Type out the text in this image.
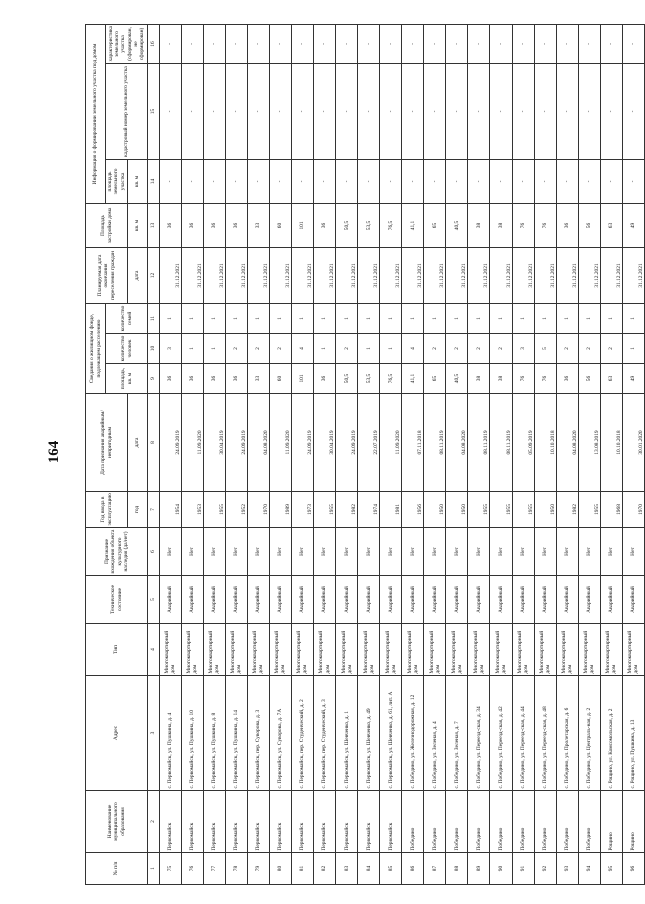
164
№ п/п	Наименование муниципального образования	Адрес	Тип	Техническое состояние	Признание вхождения объекта культурного наследия (да/нет)	Год ввода в эксплуатацию	Дата признания аварийным/непригодным	Сведания о жилищном фонде, подлежащем расселению			Планируемая дата окончания переселения граждан	Площадь застройки дома	Информация о формировании земельного участка под домом		
								площадь, кв. м	количество человек	количество семей			площадь земельного участка	кадастровый номер земельного участка	характеристика земельного участка (сформирован, не сформирован)
						год	дата				дата	кв. м	кв. м		
1	2	3	4	5	6	7	8	9	10	11	12	13	14	15	16
75	Первомайск	с. Первомайск, ул. Пушкина, д. 4	Многоквартирный дом	Аварийный	Нет	1954	24.09.2019	36	3	1	31.12.2021	36	-	-	-
76	Первомайск	с. Первомайск, ул. Пушкина, д. 10	Многоквартирный дом	Аварийный	Нет	1953	11.09.2020	36	1	1	31.12.2021	36	-	-	-
77	Первомайск	с. Первомайск, ул. Пушкина, д. 8	Многоквартирный дом	Аварийный	Нет	1955	30.04.2019	36	1	1	31.12.2021	36	-	-	-
78	Первомайск	с. Первомайск, ул. Пушкина, д. 14	Многоквартирный дом	Аварийный	Нет	1952	24.09.2019	36	2	1	31.12.2021	36	-	-	-
79	Первомайск	с. Первомайск, пер. Суворова, д. 3	Многоквартирный дом	Аварийный	Нет	1970	04.08.2020	33	2	1	31.12.2021	33	-	-	-
80	Первомайск	с. Первомайск, ул. Суворова, д. 7А	Многоквартирный дом	Аварийный	Нет	1989	11.09.2020	60	2	1	31.12.2021	60	-	-	-
81	Первомайск	с. Первомайск, пер. Студенческий, д. 2	Многоквартирный дом	Аварийный	Нет	1973	24.09.2019	101	4	1	31.12.2021	101	-	-	-
82	Первомайск	с. Первомайск, пер. Студенческий, д. 3	Многоквартирный дом	Аварийный	Нет	1955	30.04.2019	36	1	1	31.12.2021	36	-	-	-
83	Первомайск	с. Первомайск, ул. Шевченко, д. 1	Многоквартирный дом	Аварийный	Нет	1982	24.09.2019	50,5	2	1	31.12.2021	50,5	-	-	-
84	Первомайск	с. Первомайск, ул. Шевченко, д. 49	Многоквартирный дом	Аварийный	Нет	1974	22.07.2019	53,5	1	1	31.12.2021	53,5	-	-	-
85	Первомайск	с. Первомайск, ул. Шевченко, д. 61, лит. А	Многоквартирный дом	Аварийный	Нет	1981	11.09.2020	76,5	1	1	31.12.2021	76,5	-	-	-
86	Победино	с. Победино, ул. Железнодорожная, д. 12	Многоквартирный дом	Аварийный	Нет	1956	07.11.2018	41,1	4	1	31.12.2021	41,1	-	-	-
87	Победино	с. Победино, ул. Зеленая, д. 4	Многоквартирный дом	Аварийный	Нет	1950	08.11.2019	65	2	1	31.12.2021	65	-	-	-
88	Победино	с. Победино, ул. Зеленая, д. 7	Многоквартирный дом	Аварийный	Нет	1950	04.08.2020	40,5	2	1	31.12.2021	40,5	-	-	-
89	Победино	с. Победино, ул. Переезд-ская, д. 34	Многоквартирный дом	Аварийный	Нет	1955	08.11.2019	38	2	1	31.12.2021	38	-	-	-
90	Победино	с. Победино, ул. Переезд-ская, д. 42	Многоквартирный дом	Аварийный	Нет	1955	08.11.2019	38	2	1	31.12.2021	38	-	-	-
91	Победино	с. Победино, ул. Переезд-ская, д. 44	Многоквартирный дом	Аварийный	Нет	1955	05.09.2019	76	3	1	31.12.2021	76	-	-	-
92	Победино	с. Победино, ул. Переезд-ская, д. 48	Многоквартирный дом	Аварийный	Нет	1950	10.10.2018	76	5	1	31.12.2021	76	-	-	-
93	Победино	с. Победино, ул. Пролетарская, д. 6	Многоквартирный дом	Аварийный	Нет	1982	04.08.2020	36	2	1	31.12.2021	36	-	-	-
94	Победино	с. Победино, ул. Централь-ная, д. 2	Многоквартирный дом	Аварийный	Нет	1955	13.08.2019	56	2	1	31.12.2021	56	-	-	-
95	Рощино	с. Рощино, ул. Комсомольская, д. 2	Многоквартирный дом	Аварийный	Нет	1968	10.10.2018	63	2	1	31.12.2021	63	-	-	-
96	Рощино	с. Рощино, ул. Пушкина, д. 13	Многоквартирный дом	Аварийный	Нет	1970	30.01.2020	49	1	1	31.12.2021	49	-	-	-
